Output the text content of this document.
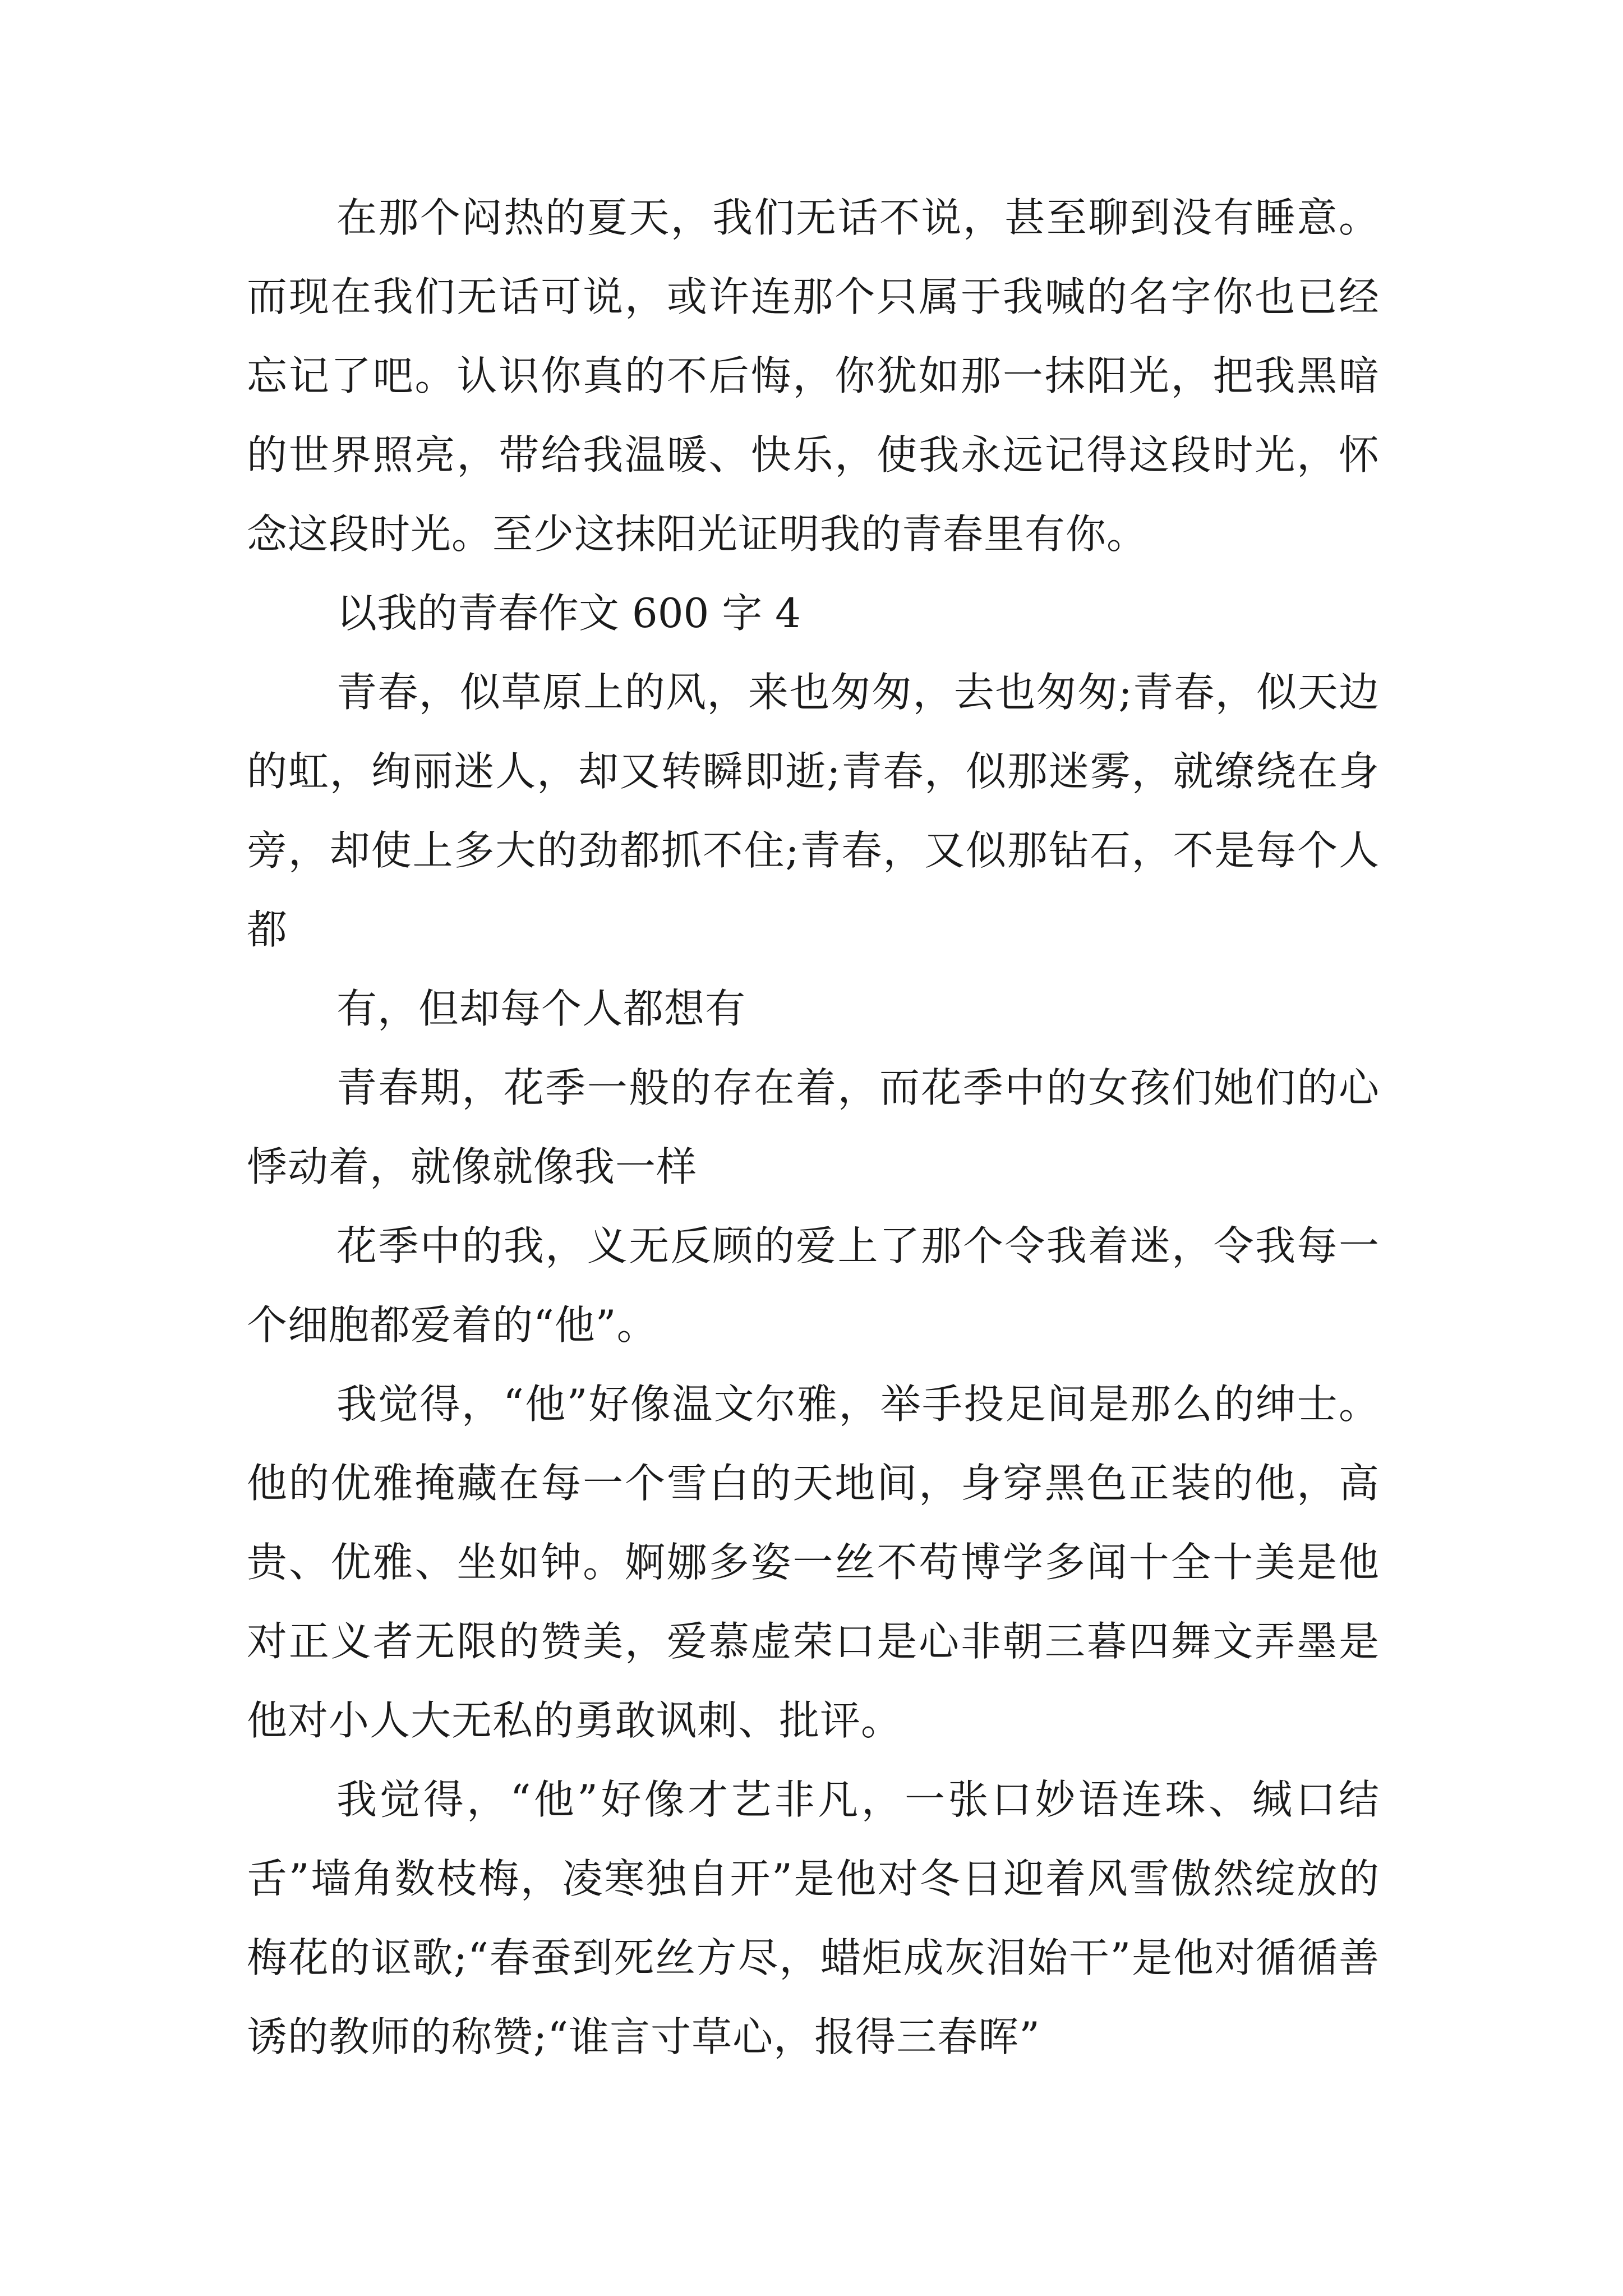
在那个闷热的夏天，我们无话不说，甚至聊到没有睡意。而现在我们无话可说，或许连那个只属于我喊的名字你也已经忘记了吧。认识你真的不后悔，你犹如那一抹阳光，把我黑暗的世界照亮，带给我温暖、快乐，使我永远记得这段时光，怀念这段时光。至少这抹阳光证明我的青春里有你。

以我的青春作文 600 字 4

青春，似草原上的风，来也匆匆，去也匆匆;青春，似天边的虹，绚丽迷人，却又转瞬即逝;青春，似那迷雾，就缭绕在身旁，却使上多大的劲都抓不住;青春，又似那钻石，不是每个人都

有，但却每个人都想有

青春期，花季一般的存在着，而花季中的女孩们她们的心悸动着，就像就像我一样

花季中的我，义无反顾的爱上了那个令我着迷，令我每一个细胞都爱着的“他”。

我觉得，“他”好像温文尔雅，举手投足间是那么的绅士。他的优雅掩藏在每一个雪白的天地间，身穿黑色正装的他，高贵、优雅、坐如钟。婀娜多姿一丝不苟博学多闻十全十美是他对正义者无限的赞美，爱慕虚荣口是心非朝三暮四舞文弄墨是他对小人大无私的勇敢讽刺、批评。

我觉得，“他”好像才艺非凡，一张口妙语连珠、缄口结舌”墙角数枝梅，凌寒独自开”是他对冬日迎着风雪傲然绽放的梅花的讴歌;“春蚕到死丝方尽，蜡炬成灰泪始干”是他对循循善诱的教师的称赞;“谁言寸草心，报得三春晖”
